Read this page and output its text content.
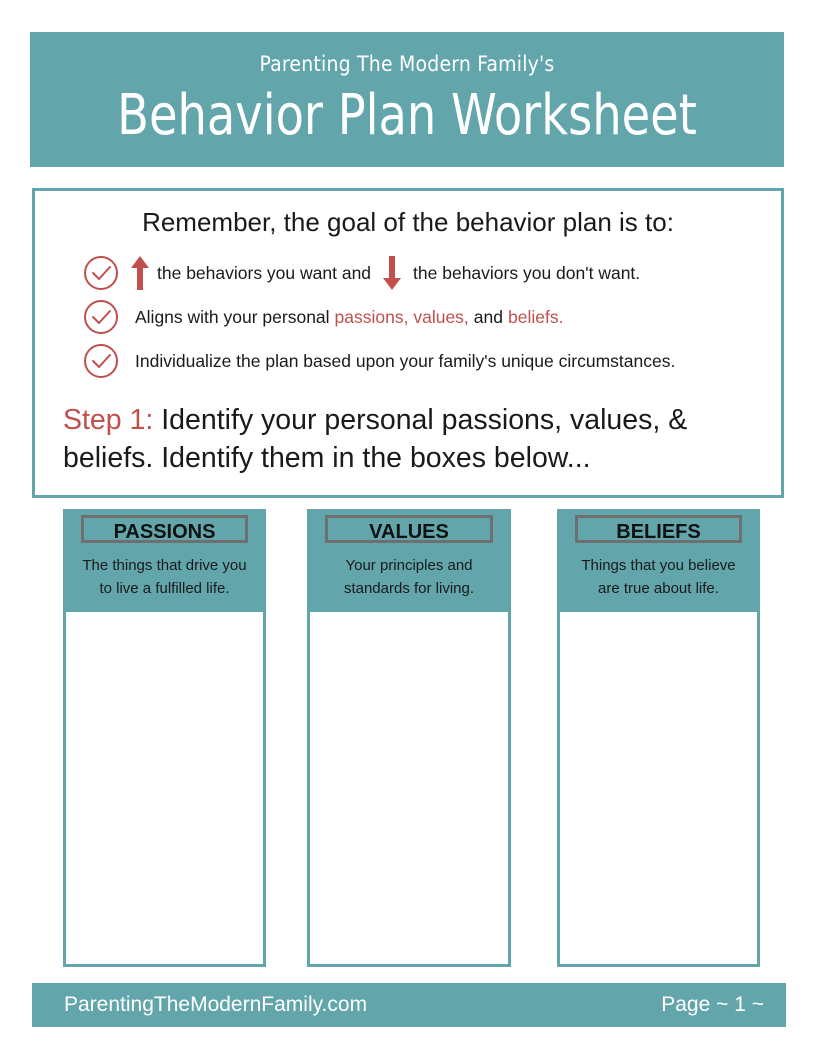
Parenting The Modern Family's
Behavior Plan Worksheet
Remember, the goal of the behavior plan is to:
the behaviors you want and the behaviors you don't want.
Aligns with your personal passions, values, and beliefs.
Individualize the plan based upon your family's unique circumstances.
Step 1: Identify your personal passions, values, & beliefs. Identify them in the boxes below...
PASSIONS
The things that drive you
to live a fulfilled life.
VALUES
Your principles and
standards for living.
BELIEFS
Things that you believe
are true about life.
ParentingTheModernFamily.com	Page ~ 1 ~
